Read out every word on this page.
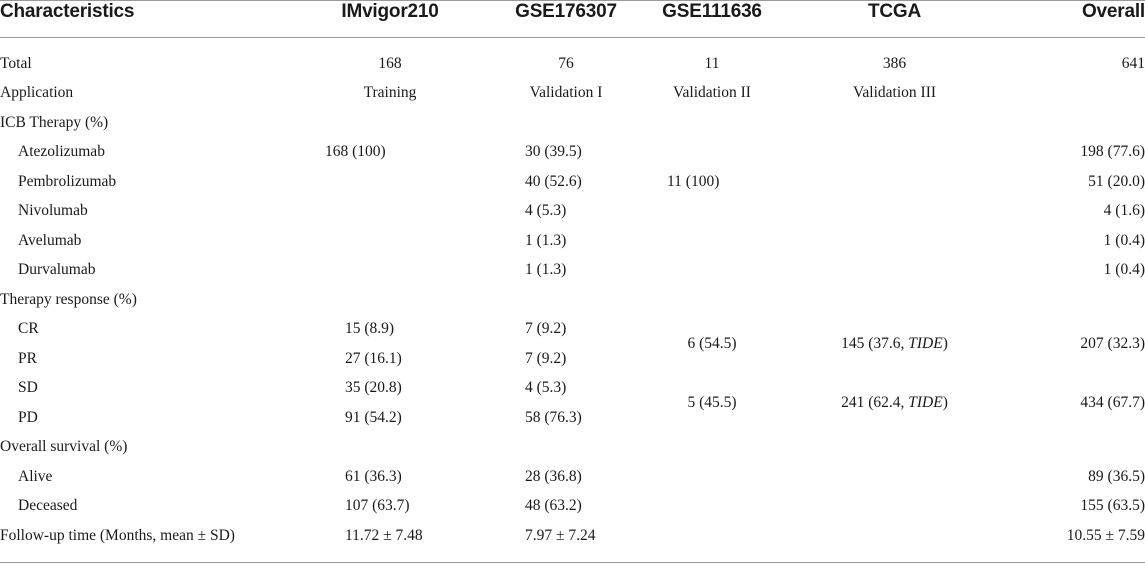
Characteristics	IMvigor210	GSE176307	GSE111636	TCGA	Overall

Total	168	76	11	386	641
Application	Training	Validation I	Validation II	Validation III	
ICB Therapy (%)					
Atezolizumab	168 (100)	30 (39.5)			198 (77.6)
Pembrolizumab		40 (52.6)	11 (100)		51 (20.0)
Nivolumab		4 (5.3)			4 (1.6)
Avelumab		1 (1.3)			1 (0.4)
Durvalumab		1 (1.3)			1 (0.4)
Therapy response (%)					
CR	15 (8.9)	7 (9.2)	6 (54.5)	145 (37.6, TIDE)	207 (32.3)
PR	27 (16.1)	7 (9.2)			
SD	35 (20.8)	4 (5.3)	5 (45.5)	241 (62.4, TIDE)	434 (67.7)
PD	91 (54.2)	58 (76.3)			
Overall survival (%)					
Alive	61 (36.3)	28 (36.8)			89 (36.5)
Deceased	107 (63.7)	48 (63.2)			155 (63.5)
Follow-up time (Months, mean ± SD)	11.72 ± 7.48	7.97 ± 7.24			10.55 ± 7.59
